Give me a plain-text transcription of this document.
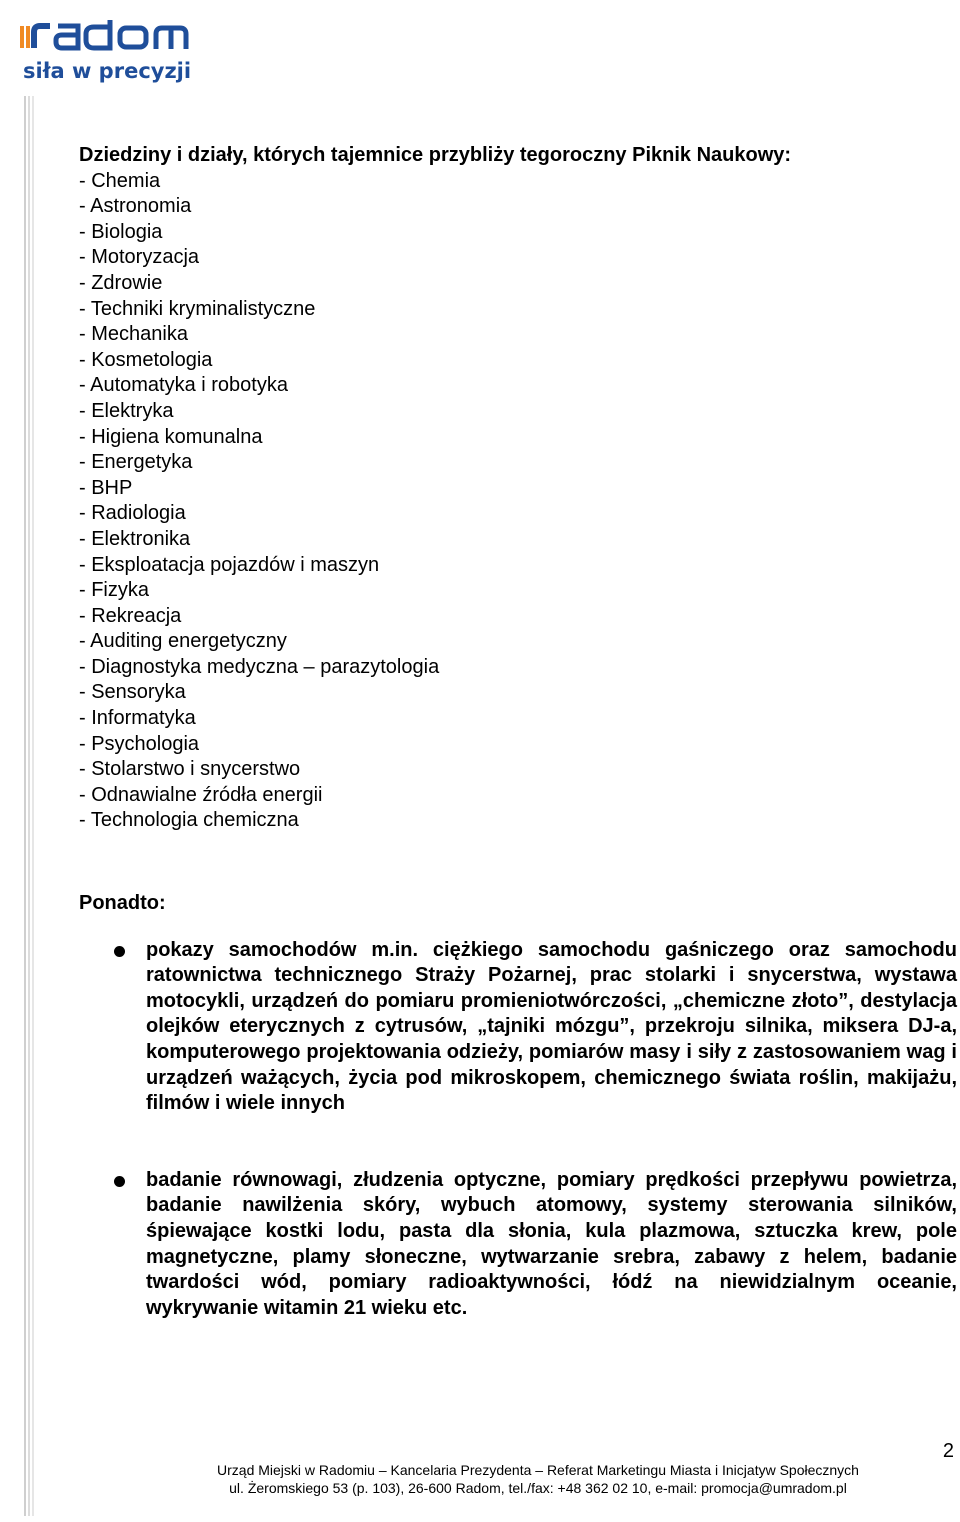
siła w precyzji
Dziedziny i działy, których tajemnice przybliży tegoroczny Piknik Naukowy:
- Chemia
- Astronomia
- Biologia
- Motoryzacja
- Zdrowie
- Techniki kryminalistyczne
- Mechanika
- Kosmetologia
- Automatyka i robotyka
- Elektryka
- Higiena komunalna
- Energetyka
- BHP
- Radiologia
- Elektronika
- Eksploatacja pojazdów i maszyn
- Fizyka
- Rekreacja
- Auditing energetyczny
- Diagnostyka medyczna – parazytologia
- Sensoryka
- Informatyka
- Psychologia
- Stolarstwo i snycerstwo
- Odnawialne źródła energii
- Technologia chemiczna
Ponadto:
pokazy samochodów m.in. ciężkiego samochodu gaśniczego oraz samochodu ratownictwa technicznego Straży Pożarnej, prac stolarki i snycerstwa, wystawa motocykli, urządzeń do pomiaru promieniotwórczości, „chemiczne złoto”, destylacja olejków eterycznych z cytrusów, „tajniki mózgu”, przekroju silnika, miksera DJ-a, komputerowego projektowania odzieży, pomiarów masy i siły z zastosowaniem wag i urządzeń ważących, życia pod mikroskopem, chemicznego świata roślin, makijażu, filmów i wiele innych
badanie równowagi, złudzenia optyczne, pomiary prędkości przepływu powietrza, badanie nawilżenia skóry, wybuch atomowy, systemy sterowania silników, śpiewające kostki lodu, pasta dla słonia, kula plazmowa, sztuczka krew, pole magnetyczne, plamy słoneczne, wytwarzanie srebra, zabawy z helem, badanie twardości wód, pomiary radioaktywności, łódź na niewidzialnym oceanie, wykrywanie witamin 21 wieku etc.
Urząd Miejski w Radomiu – Kancelaria Prezydenta – Referat Marketingu Miasta i Inicjatyw Społecznych
ul. Żeromskiego 53 (p. 103), 26-600 Radom, tel./fax: +48 362 02 10, e-mail: promocja@umradom.pl
2
